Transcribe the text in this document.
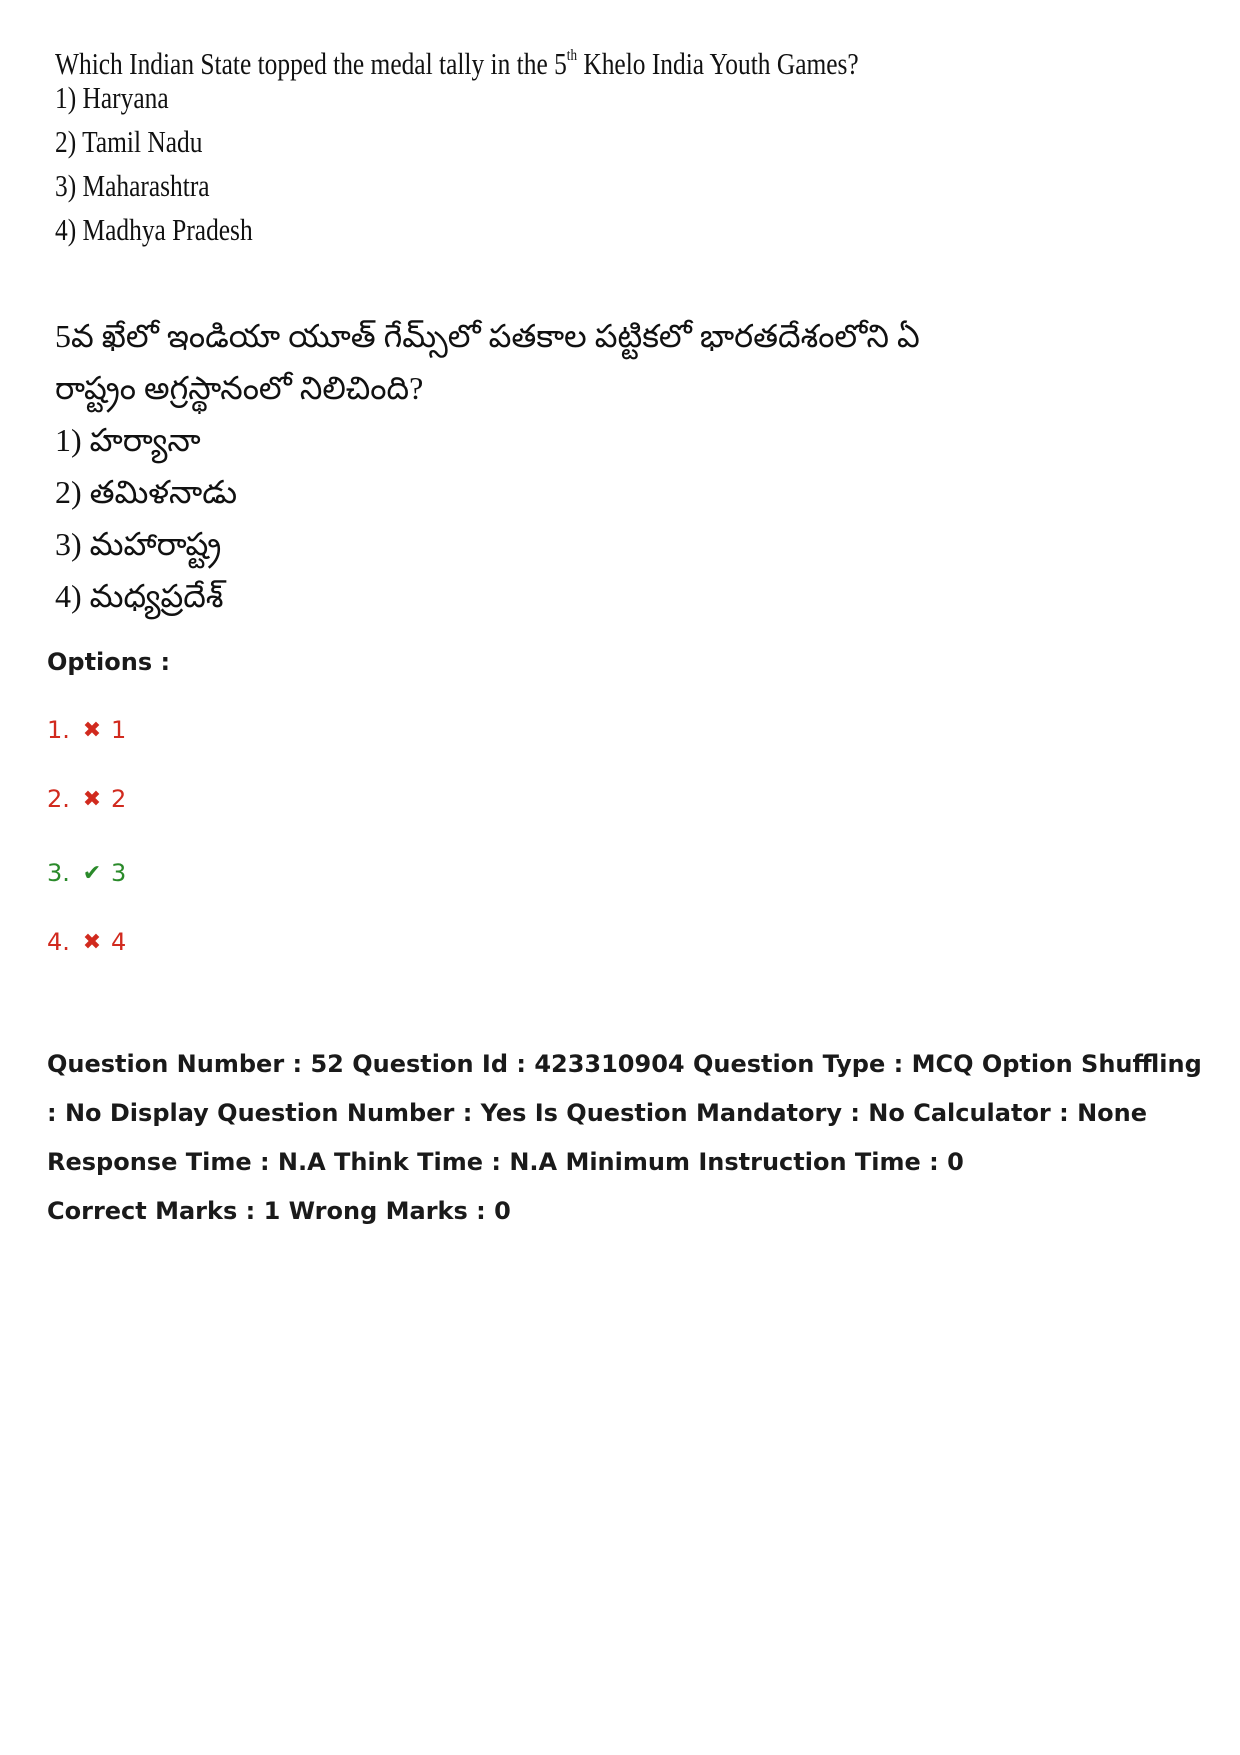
Which Indian State topped the medal tally in the 5th Khelo India Youth Games?
1) Haryana
2) Tamil Nadu
3) Maharashtra
4) Madhya Pradesh
5వ ఖేలో ఇండియా యూత్ గేమ్స్‌లో పతకాల పట్టికలో భారతదేశంలోని ఏ రాష్ట్రం అగ్రస్థానంలో నిలిచింది?
1) హర్యానా
2) తమిళనాడు
3) మహారాష్ట్ర
4) మధ్యప్రదేశ్
Options :
1. ✖ 1
2. ✖ 2
3. ✔ 3
4. ✖ 4
Question Number : 52 Question Id : 423310904 Question Type : MCQ Option Shuffling : No Display Question Number : Yes Is Question Mandatory : No Calculator : None Response Time : N.A Think Time : N.A Minimum Instruction Time : 0
Correct Marks : 1 Wrong Marks : 0
